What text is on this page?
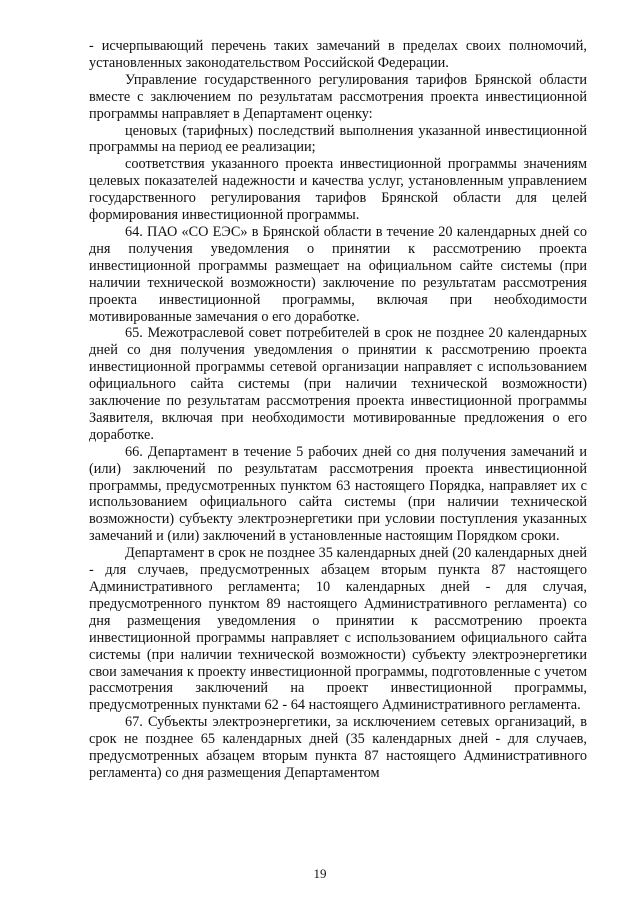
- исчерпывающий перечень таких замечаний в пределах своих полномочий, установленных законодательством Российской Федерации.

Управление государственного регулирования тарифов Брянской области вместе с заключением по результатам рассмотрения проекта инвестиционной программы направляет в Департамент оценку:

ценовых (тарифных) последствий выполнения указанной инвестиционной программы на период ее реализации;

соответствия указанного проекта инвестиционной программы значениям целевых показателей надежности и качества услуг, установленным управлением государственного регулирования тарифов Брянской области для целей формирования инвестиционной программы.

64. ПАО «СО ЕЭС» в Брянской области в течение 20 календарных дней со дня получения уведомления о принятии к рассмотрению проекта инвестиционной программы размещает на официальном сайте системы (при наличии технической возможности) заключение по результатам рассмотрения проекта инвестиционной программы, включая при необходимости мотивированные замечания о его доработке.

65. Межотраслевой совет потребителей в срок не позднее 20 календарных дней со дня получения уведомления о принятии к рассмотрению проекта инвестиционной программы сетевой организации направляет с использованием официального сайта системы (при наличии технической возможности) заключение по результатам рассмотрения проекта инвестиционной программы Заявителя, включая при необходимости мотивированные предложения о его доработке.

66. Департамент в течение 5 рабочих дней со дня получения замечаний и (или) заключений по результатам рассмотрения проекта инвестиционной программы, предусмотренных пунктом 63 настоящего Порядка, направляет их с использованием официального сайта системы (при наличии технической возможности) субъекту электроэнергетики при условии поступления указанных замечаний и (или) заключений в установленные настоящим Порядком сроки.

Департамент в срок не позднее 35 календарных дней (20 календарных дней - для случаев, предусмотренных абзацем вторым пункта 87 настоящего Административного регламента; 10 календарных дней - для случая, предусмотренного пунктом 89 настоящего Административного регламента) со дня размещения уведомления о принятии к рассмотрению проекта инвестиционной программы направляет с использованием официального сайта системы (при наличии технической возможности) субъекту электроэнергетики свои замечания к проекту инвестиционной программы, подготовленные с учетом рассмотрения заключений на проект инвестиционной программы, предусмотренных пунктами 62 - 64 настоящего Административного регламента.

67. Субъекты электроэнергетики, за исключением сетевых организаций, в срок не позднее 65 календарных дней (35 календарных дней - для случаев, предусмотренных абзацем вторым пункта 87 настоящего Административного регламента) со дня размещения Департаментом

19
